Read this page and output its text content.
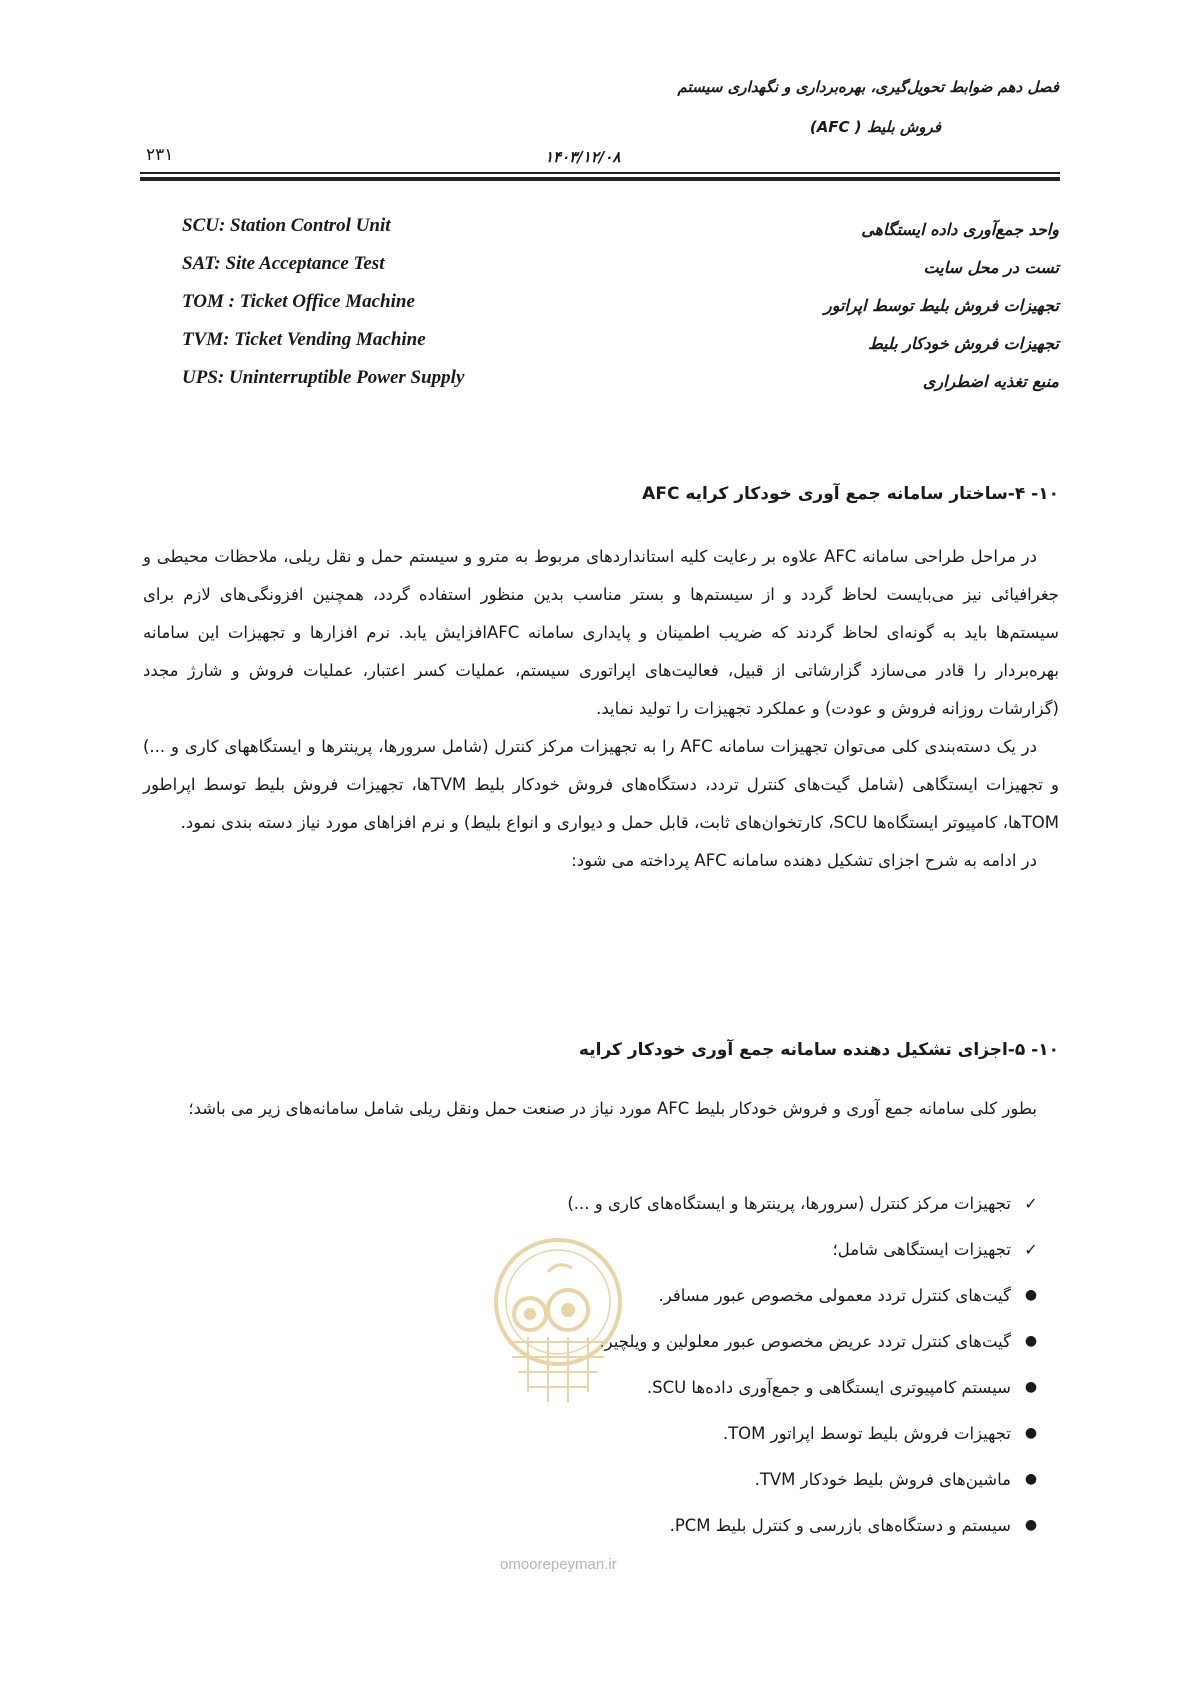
فصل دهم ضوابط تحویل‌گیری، بهره‌برداری و نگهداری سیستم
فروش بلیط ( AFC)
۲۳۱	۱۴۰۳/۱۲/۰۸
SCU: Station Control Unit	واحد جمع‌آوری داده ایستگاهی
SAT: Site Acceptance Test	تست در محل سایت
TOM : Ticket Office Machine	تجهیزات فروش بلیط توسط اپراتور
TVM: Ticket Vending Machine	تجهیزات فروش خودکار بلیط
UPS: Uninterruptible Power Supply	منبع تغذیه اضطراری
۱۰- ۴-ساختار سامانه جمع آوری خودکار کرایه AFC

در مراحل طراحی سامانه AFC علاوه بر رعایت کلیه استانداردهای مربوط به مترو و سیستم حمل و نقل ریلی، ملاحظات محیطی و جغرافیائی نیز می‌بایست لحاظ گردد و از سیستم‌ها و بستر مناسب بدین منظور استفاده گردد، همچنین افزونگی‌های لازم برای سیستم‌ها باید به گونه‌ای لحاظ گردند که ضریب اطمینان و پایداری سامانه AFCافزایش یابد. نرم افزارها و تجهیزات این سامانه بهره‌بردار را قادر می‌سازد گزارشاتی از قبیل، فعالیت‌های اپراتوری سیستم، عملیات کسر اعتبار، عملیات فروش و شارژ مجدد (گزارشات روزانه فروش و عودت) و عملکرد تجهیزات را تولید نماید.

در یک دسته‌بندی کلی می‌توان تجهیزات سامانه AFC را به تجهیزات مرکز کنترل (شامل سرورها، پرینترها و ایستگاههای کاری و ...) و تجهیزات ایستگاهی (شامل گیت‌های کنترل تردد، دستگاه‌های فروش خودکار بلیط TVMها، تجهیزات فروش بلیط توسط اپراطور TOMها، کامپیوتر ایستگاه‌ها SCU، کارتخوان‌های ثابت، قابل حمل و دیواری و انواع بلیط) و نرم افزاهای مورد نیاز دسته بندی نمود.

در ادامه به شرح اجزای تشکیل دهنده سامانه AFC پرداخته می شود:

۱۰- ۵-اجزای تشکیل دهنده سامانه جمع آوری خودکار کرایه

بطور کلی سامانه جمع آوری و فروش خودکار بلیط AFC مورد نیاز در صنعت حمل ونقل ریلی شامل سامانه‌های زیر می باشد؛

✓
تجهیزات مرکز کنترل (سرورها، پرینترها و ایستگاه‌های کاری و ...)
✓
تجهیزات ایستگاهی شامل؛
●
گیت‌های کنترل تردد معمولی مخصوص عبور مسافر.
●
گیت‌های کنترل تردد عریض مخصوص عبور معلولین و ویلچیر.
●
سیستم کامپیوتری ایستگاهی و جمع‌آوری داده‌ها SCU.
●
تجهیزات فروش بلیط توسط اپراتور TOM.
●
ماشین‌های فروش بلیط خودکار TVM.
●
سیستم و دستگاه‌های بازرسی و کنترل بلیط PCM.
omoorepeyman.ir
